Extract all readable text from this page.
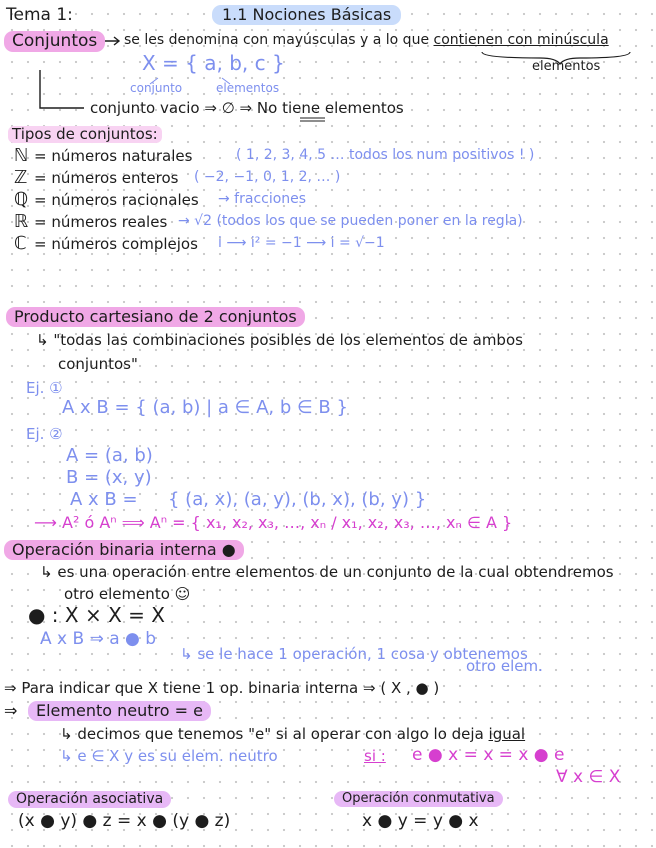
Tema 1:	1.1 Nociones Básicas
Conjuntos	se les denomina con mayúsculas y a lo que contienen con minúscula
elementos
X = { a, b, c }
conjunto	elementos
conjunto vacio ⇒ ∅ ⇒ No tiene elementos
Tipos de conjuntos:
ℕ = números naturales	( 1, 2, 3, 4, 5 … todos los num positivos ! )
ℤ = números enteros ( −2, −1, 0, 1, 2, … )
ℚ = números racionales → fracciones
ℝ = números reales → √2 (todos los que se pueden poner en la regla)
ℂ = números complejos i ⟶ i² = −1 ⟶ i = √−1
Producto cartesiano de 2 conjuntos
↳ "todas las combinaciones posibles de los elementos de ambos
conjuntos"
Ej. ①
A x B = { (a, b) | a ∈ A, b ∈ B }
Ej. ②
A = (a, b)
B = (x, y)
A x B = { (a, x), (a, y), (b, x), (b, y) }
⟶ A² ó Aⁿ ⟹ Aⁿ = { x₁, x₂, x₃, …, xₙ / x₁, x₂, x₃, …, xₙ ∈ A }
Operación binaria interna ●
↳ es una operación entre elementos de un conjunto de la cual obtendremos
otro elemento ☺
● : X × X = X
A x B ⇒ a ● b
↳ se le hace 1 operación, 1 cosa y obtenemos
otro elem.
⇒ Para indicar que X tiene 1 op. binaria interna ⇒ ( X , ● )
⇒	Elemento neutro = e
↳ decimos que tenemos "e" si al operar con algo lo deja igual
↳ e ∈ X y es su elem. neutro	si : e ● x = x = x ● e
∀ x ∈ X
Operación asociativa
(x ● y) ● z = x ● (y ● z)
Operación conmutativa
x ● y = y ● x
